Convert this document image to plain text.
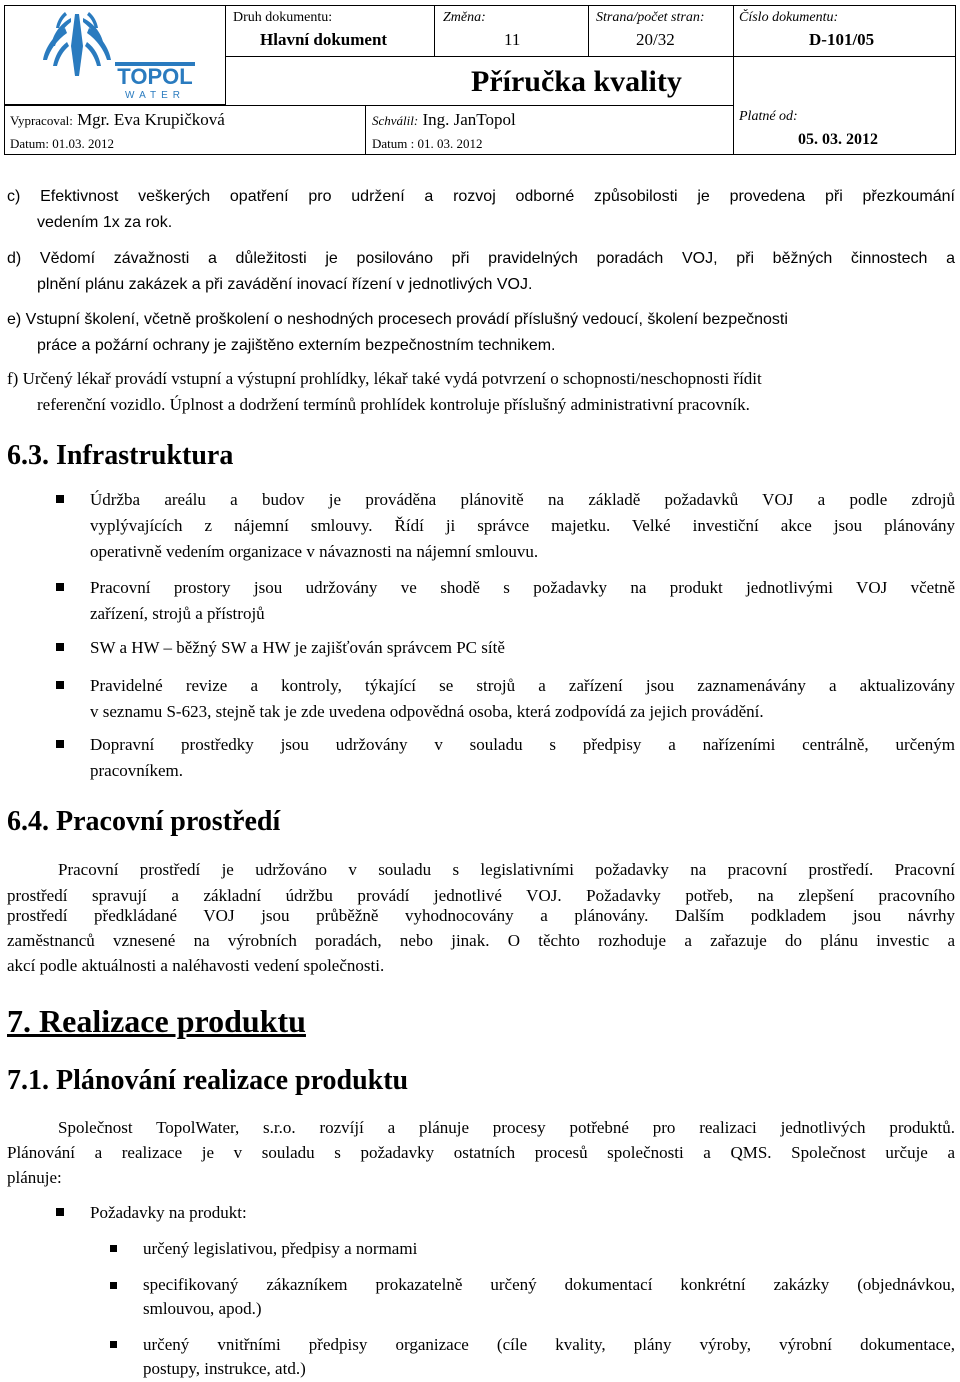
TOPOL
WATER
Druh dokumentu:
Hlavní dokument
Změna:
11
Strana/počet stran:
20/32
Číslo dokumentu:
D-101/05
Příručka kvality
Platné od:
05. 03. 2012
Vypracoval: Mgr. Eva Krupičková
Datum: 01.03. 2012
Schválil: Ing. JanTopol
Datum : 01. 03. 2012
c) Efektivnost veškerých opatření pro udržení a rozvoj odborné způsobilosti je provedena při přezkoumání
vedením 1x za rok.
d) Vědomí závažnosti a důležitosti je posilováno při pravidelných poradách VOJ, při běžných činnostech a
plnění plánu zakázek a při zavádění inovací řízení v jednotlivých VOJ.
e) Vstupní školení, včetně proškolení o neshodných procesech provádí příslušný vedoucí, školení bezpečnosti
práce a požární ochrany je zajištěno externím bezpečnostním technikem.
f) Určený lékař provádí vstupní a výstupní prohlídky, lékař také vydá potvrzení o schopnosti/neschopnosti řídit
referenční vozidlo. Úplnost a dodržení termínů prohlídek kontroluje příslušný administrativní pracovník.
6.3. Infrastruktura
Údržba areálu a budov je prováděna plánovitě na základě požadavků VOJ a podle zdrojů
vyplývajících z nájemní smlouvy. Řídí ji správce majetku. Velké investiční akce jsou plánovány
operativně vedením organizace v návaznosti na nájemní smlouvu.
Pracovní prostory jsou udržovány ve shodě s požadavky na produkt jednotlivými VOJ včetně
zařízení, strojů a přístrojů
SW a HW – běžný SW a HW je zajišťován správcem PC sítě
Pravidelné revize a kontroly, týkající se strojů a zařízení jsou zaznamenávány a aktualizovány
v seznamu S-623, stejně tak je zde uvedena odpovědná osoba, která zodpovídá za jejich provádění.
Dopravní prostředky jsou udržovány v souladu s předpisy a nařízeními centrálně, určeným
pracovníkem.
6.4. Pracovní prostředí
Pracovní prostředí je udržováno v souladu s legislativními požadavky na pracovní prostředí. Pracovní
prostředí spravují a základní údržbu provádí jednotlivé VOJ. Požadavky potřeb, na zlepšení pracovního
prostředí předkládané VOJ jsou průběžně vyhodnocovány a plánovány. Dalším podkladem jsou návrhy
zaměstnanců vznesené na výrobních poradách, nebo jinak. O těchto rozhoduje a zařazuje do plánu investic a
akcí podle aktuálnosti a naléhavosti vedení společnosti.
7. Realizace produktu
7.1. Plánování realizace produktu
Společnost TopolWater, s.r.o. rozvíjí a plánuje procesy potřebné pro realizaci jednotlivých produktů.
Plánování a realizace je v souladu s požadavky ostatních procesů společnosti a QMS. Společnost určuje a
plánuje:
Požadavky na produkt:
určený legislativou, předpisy a normami
specifikovaný zákazníkem prokazatelně určený dokumentací konkrétní zakázky (objednávkou,
smlouvou, apod.)
určený vnitřními předpisy organizace (cíle kvality, plány výroby, výrobní dokumentace,
postupy, instrukce, atd.)
